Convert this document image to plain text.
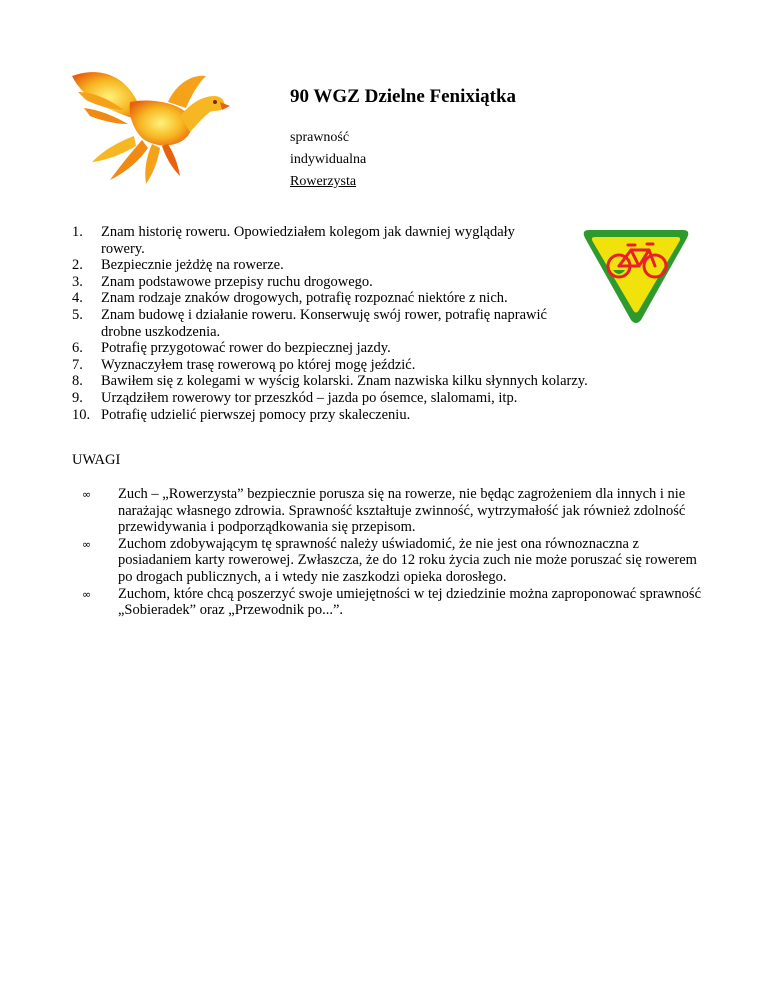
90 WGZ Dzielne Fenixiątka
sprawność
indywidualna
Rowerzysta
1. Znam historię roweru. Opowiedziałem kolegom jak dawniej wyglądały rowery.
2. Bezpiecznie jeżdżę na rowerze.
3. Znam podstawowe przepisy ruchu drogowego.
4. Znam rodzaje znaków drogowych, potrafię rozpoznać niektóre z nich.
5. Znam budowę i działanie roweru. Konserwuję swój rower, potrafię naprawić drobne uszkodzenia.
6. Potrafię przygotować rower do bezpiecznej jazdy.
7. Wyznaczyłem trasę rowerową po której mogę jeździć.
8. Bawiłem się z kolegami w wyścig kolarski. Znam nazwiska kilku słynnych kolarzy.
9. Urządziłem rowerowy tor przeszkód – jazda po ósemce, slalomami, itp.
10. Potrafię udzielić pierwszej pomocy przy skaleczeniu.
UWAGI
∞ Zuch – „Rowerzysta” bezpiecznie porusza się na rowerze, nie będąc zagrożeniem dla innych i nie narażając własnego zdrowia. Sprawność kształtuje zwinność, wytrzymałość jak również zdolność przewidywania i podporządkowania się przepisom.
∞ Zuchom zdobywającym tę sprawność należy uświadomić, że nie jest ona równoznaczna z posiadaniem karty rowerowej. Zwłaszcza, że do 12 roku życia zuch nie może poruszać się rowerem po drogach publicznych, a i wtedy nie zaszkodzi opieka dorosłego.
∞ Zuchom, które chcą poszerzyć swoje umiejętności w tej dziedzinie można zaproponować sprawność „Sobieradek” oraz „Przewodnik po...”.
